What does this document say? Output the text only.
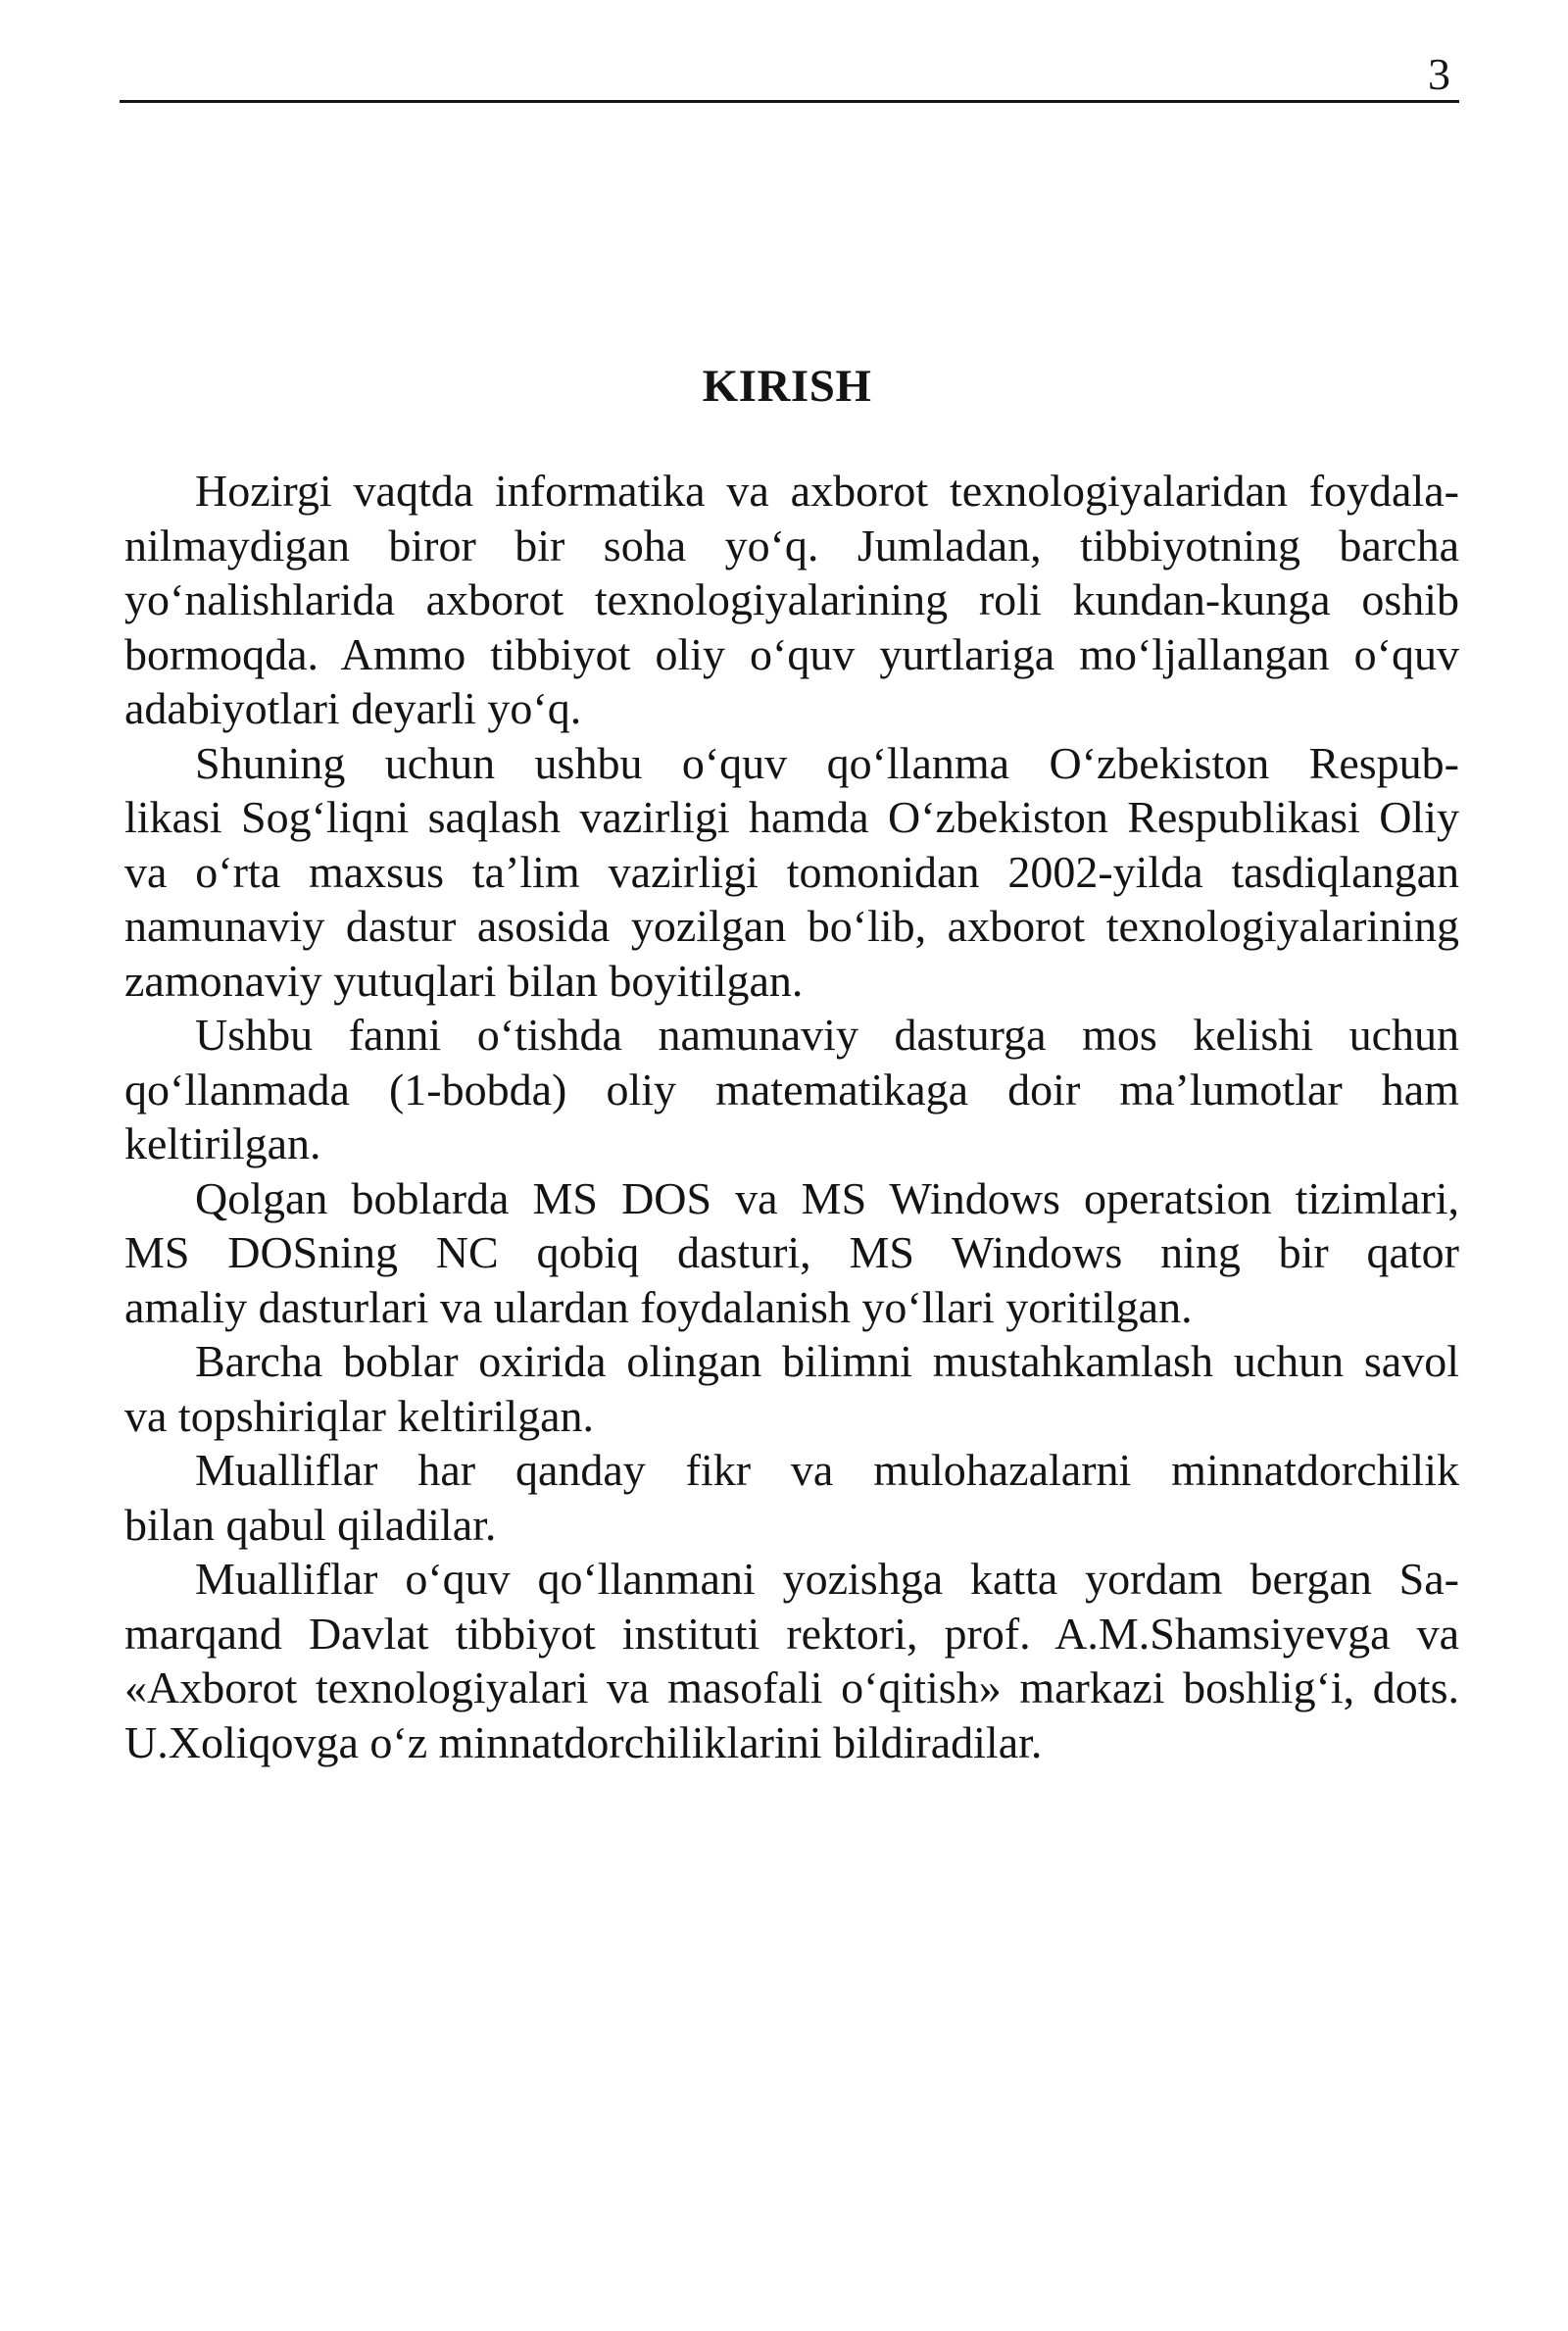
3
KIRISH
Hozirgi vaqtda informatika va axborot texnologiyalaridan foydala-
nilmaydigan biror bir soha yo‘q. Jumladan, tibbiyotning barcha
yo‘nalishlarida axborot texnologiyalarining roli kundan-kunga oshib
bormoqda. Ammo tibbiyot oliy o‘quv yurtlariga mo‘ljallangan o‘quv
adabiyotlari deyarli yo‘q.
Shuning uchun ushbu o‘quv qo‘llanma O‘zbekiston Respub-
likasi Sog‘liqni saqlash vazirligi hamda O‘zbekiston Respublikasi Oliy
va o‘rta maxsus ta’lim vazirligi tomonidan 2002-yilda tasdiqlangan
namunaviy dastur asosida yozilgan bo‘lib, axborot texnologiyalarining
zamonaviy yutuqlari bilan boyitilgan.
Ushbu fanni o‘tishda namunaviy dasturga mos kelishi uchun
qo‘llanmada (1-bobda) oliy matematikaga doir ma’lumotlar ham
keltirilgan.
Qolgan boblarda MS DOS va MS Windows operatsion tizimlari,
MS DOSning NC qobiq dasturi, MS Windows ning bir qator
amaliy dasturlari va ulardan foydalanish yo‘llari yoritilgan.
Barcha boblar oxirida olingan bilimni mustahkamlash uchun savol
va topshiriqlar keltirilgan.
Mualliflar har qanday fikr va mulohazalarni minnatdorchilik
bilan qabul qiladilar.
Mualliflar o‘quv qo‘llanmani yozishga katta yordam bergan Sa-
marqand Davlat tibbiyot instituti rektori, prof. A.M.Shamsiyevga va
«Axborot texnologiyalari va masofali o‘qitish» markazi boshlig‘i, dots.
U.Xoliqovga o‘z minnatdorchiliklarini bildiradilar.
